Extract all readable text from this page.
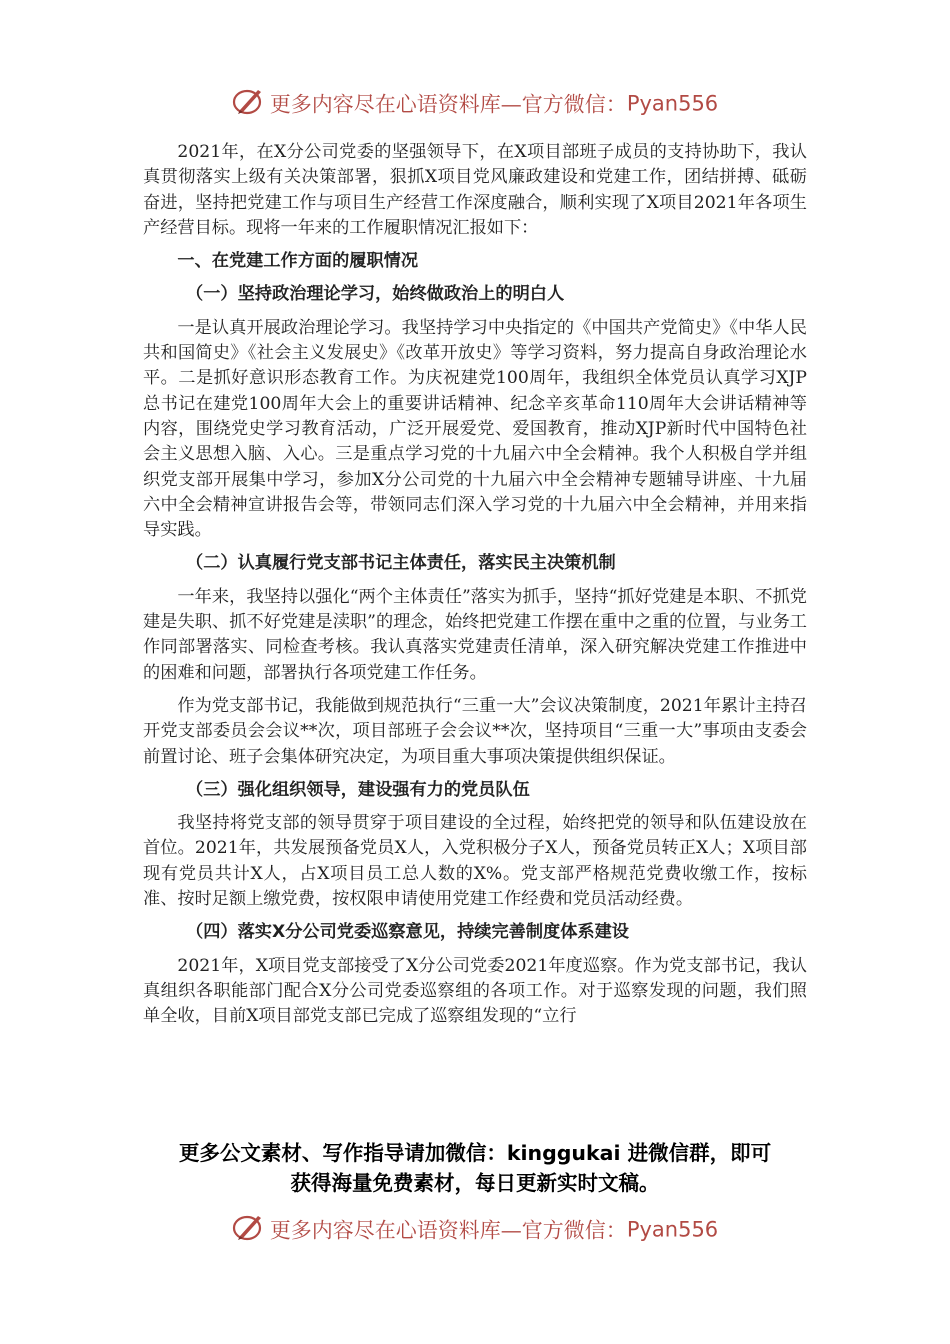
更多内容尽在心语资料库—官方微信：Pyan556

2021年，在X分公司党委的坚强领导下，在X项目部班子成员的支持协助下，我认真贯彻落实上级有关决策部署，狠抓X项目党风廉政建设和党建工作，团结拼搏、砥砺奋进，坚持把党建工作与项目生产经营工作深度融合，顺利实现了X项目2021年各项生产经营目标。现将一年来的工作履职情况汇报如下：

一、在党建工作方面的履职情况
（一）坚持政治理论学习，始终做政治上的明白人

一是认真开展政治理论学习。我坚持学习中央指定的《中国共产党简史》《中华人民共和国简史》《社会主义发展史》《改革开放史》等学习资料，努力提高自身政治理论水平。二是抓好意识形态教育工作。为庆祝建党100周年，我组织全体党员认真学习XJP总书记在建党100周年大会上的重要讲话精神、纪念辛亥革命110周年大会讲话精神等内容，围绕党史学习教育活动，广泛开展爱党、爱国教育，推动XJP新时代中国特色社会主义思想入脑、入心。三是重点学习党的十九届六中全会精神。我个人积极自学并组织党支部开展集中学习，参加X分公司党的十九届六中全会精神专题辅导讲座、十九届六中全会精神宣讲报告会等，带领同志们深入学习党的十九届六中全会精神，并用来指导实践。

（二）认真履行党支部书记主体责任，落实民主决策机制

一年来，我坚持以强化“两个主体责任”落实为抓手，坚持“抓好党建是本职、不抓党建是失职、抓不好党建是渎职”的理念，始终把党建工作摆在重中之重的位置，与业务工作同部署落实、同检查考核。我认真落实党建责任清单，深入研究解决党建工作推进中的困难和问题，部署执行各项党建工作任务。

作为党支部书记，我能做到规范执行“三重一大”会议决策制度，2021年累计主持召开党支部委员会会议**次，项目部班子会会议**次，坚持项目“三重一大”事项由支委会前置讨论、班子会集体研究决定，为项目重大事项决策提供组织保证。

（三）强化组织领导，建设强有力的党员队伍

我坚持将党支部的领导贯穿于项目建设的全过程，始终把党的领导和队伍建设放在首位。2021年，共发展预备党员X人，入党积极分子X人，预备党员转正X人；X项目部现有党员共计X人，占X项目员工总人数的X%。党支部严格规范党费收缴工作，按标准、按时足额上缴党费，按权限申请使用党建工作经费和党员活动经费。

（四）落实X分公司党委巡察意见，持续完善制度体系建设

2021年，X项目党支部接受了X分公司党委2021年度巡察。作为党支部书记，我认真组织各职能部门配合X分公司党委巡察组的各项工作。对于巡察发现的问题，我们照单全收，目前X项目部党支部已完成了巡察组发现的“立行

更多公文素材、写作指导请加微信：kinggukai 进微信群，即可
获得海量免费素材，每日更新实时文稿。
更多内容尽在心语资料库—官方微信：Pyan556
